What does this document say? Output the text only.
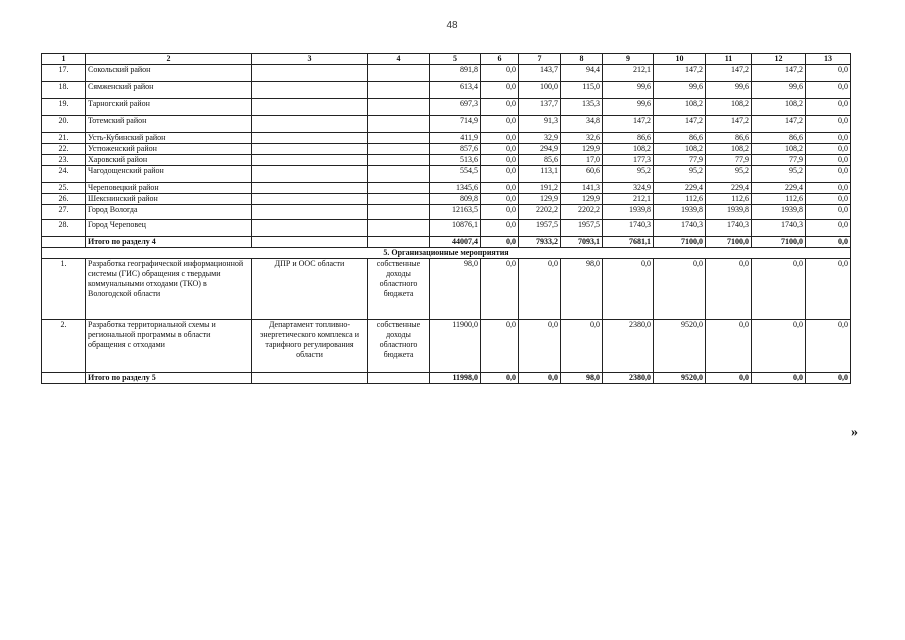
48
1	2	3	4	5	6	7	8	9	10	11	12	13
17.	Сокольский район			891,8	0,0	143,7	94,4	212,1	147,2	147,2	147,2	0,0
18.	Сямженский район			613,4	0,0	100,0	115,0	99,6	99,6	99,6	99,6	0,0
19.	Тарногский район			697,3	0,0	137,7	135,3	99,6	108,2	108,2	108,2	0,0
20.	Тотемский район			714,9	0,0	91,3	34,8	147,2	147,2	147,2	147,2	0,0
21.	Усть-Кубинский район			411,9	0,0	32,9	32,6	86,6	86,6	86,6	86,6	0,0
22.	Устюженский район			857,6	0,0	294,9	129,9	108,2	108,2	108,2	108,2	0,0
23.	Харовский район			513,6	0,0	85,6	17,0	177,3	77,9	77,9	77,9	0,0
24.	Чагодощенский район			554,5	0,0	113,1	60,6	95,2	95,2	95,2	95,2	0,0
25.	Череповецкий район			1345,6	0,0	191,2	141,3	324,9	229,4	229,4	229,4	0,0
26.	Шекснинский район			809,8	0,0	129,9	129,9	212,1	112,6	112,6	112,6	0,0
27.	Город Вологда			12163,5	0,0	2202,2	2202,2	1939,8	1939,8	1939,8	1939,8	0,0
28.	Город Череповец			10876,1	0,0	1957,5	1957,5	1740,3	1740,3	1740,3	1740,3	0,0
	Итого по разделу 4			44007,4	0,0	7933,2	7093,1	7681,1	7100,0	7100,0	7100,0	0,0
5. Организационные мероприятия												
1.	Разработка географической информационной системы (ГИС) обращения с твердыми коммунальными отходами (ТКО) в Вологодской области	ДПР и ООС области	собственные доходы областного бюджета	98,0	0,0	0,0	98,0	0,0	0,0	0,0	0,0	0,0
2.	Разработка территориальной схемы и региональной программы в области обращения с отходами	Департамент топливно-энергетического комплекса и тарифного регулирования области	собственные доходы областного бюджета	11900,0	0,0	0,0	0,0	2380,0	9520,0	0,0	0,0	0,0
	Итого по разделу 5			11998,0	0,0	0,0	98,0	2380,0	9520,0	0,0	0,0	0,0
»
